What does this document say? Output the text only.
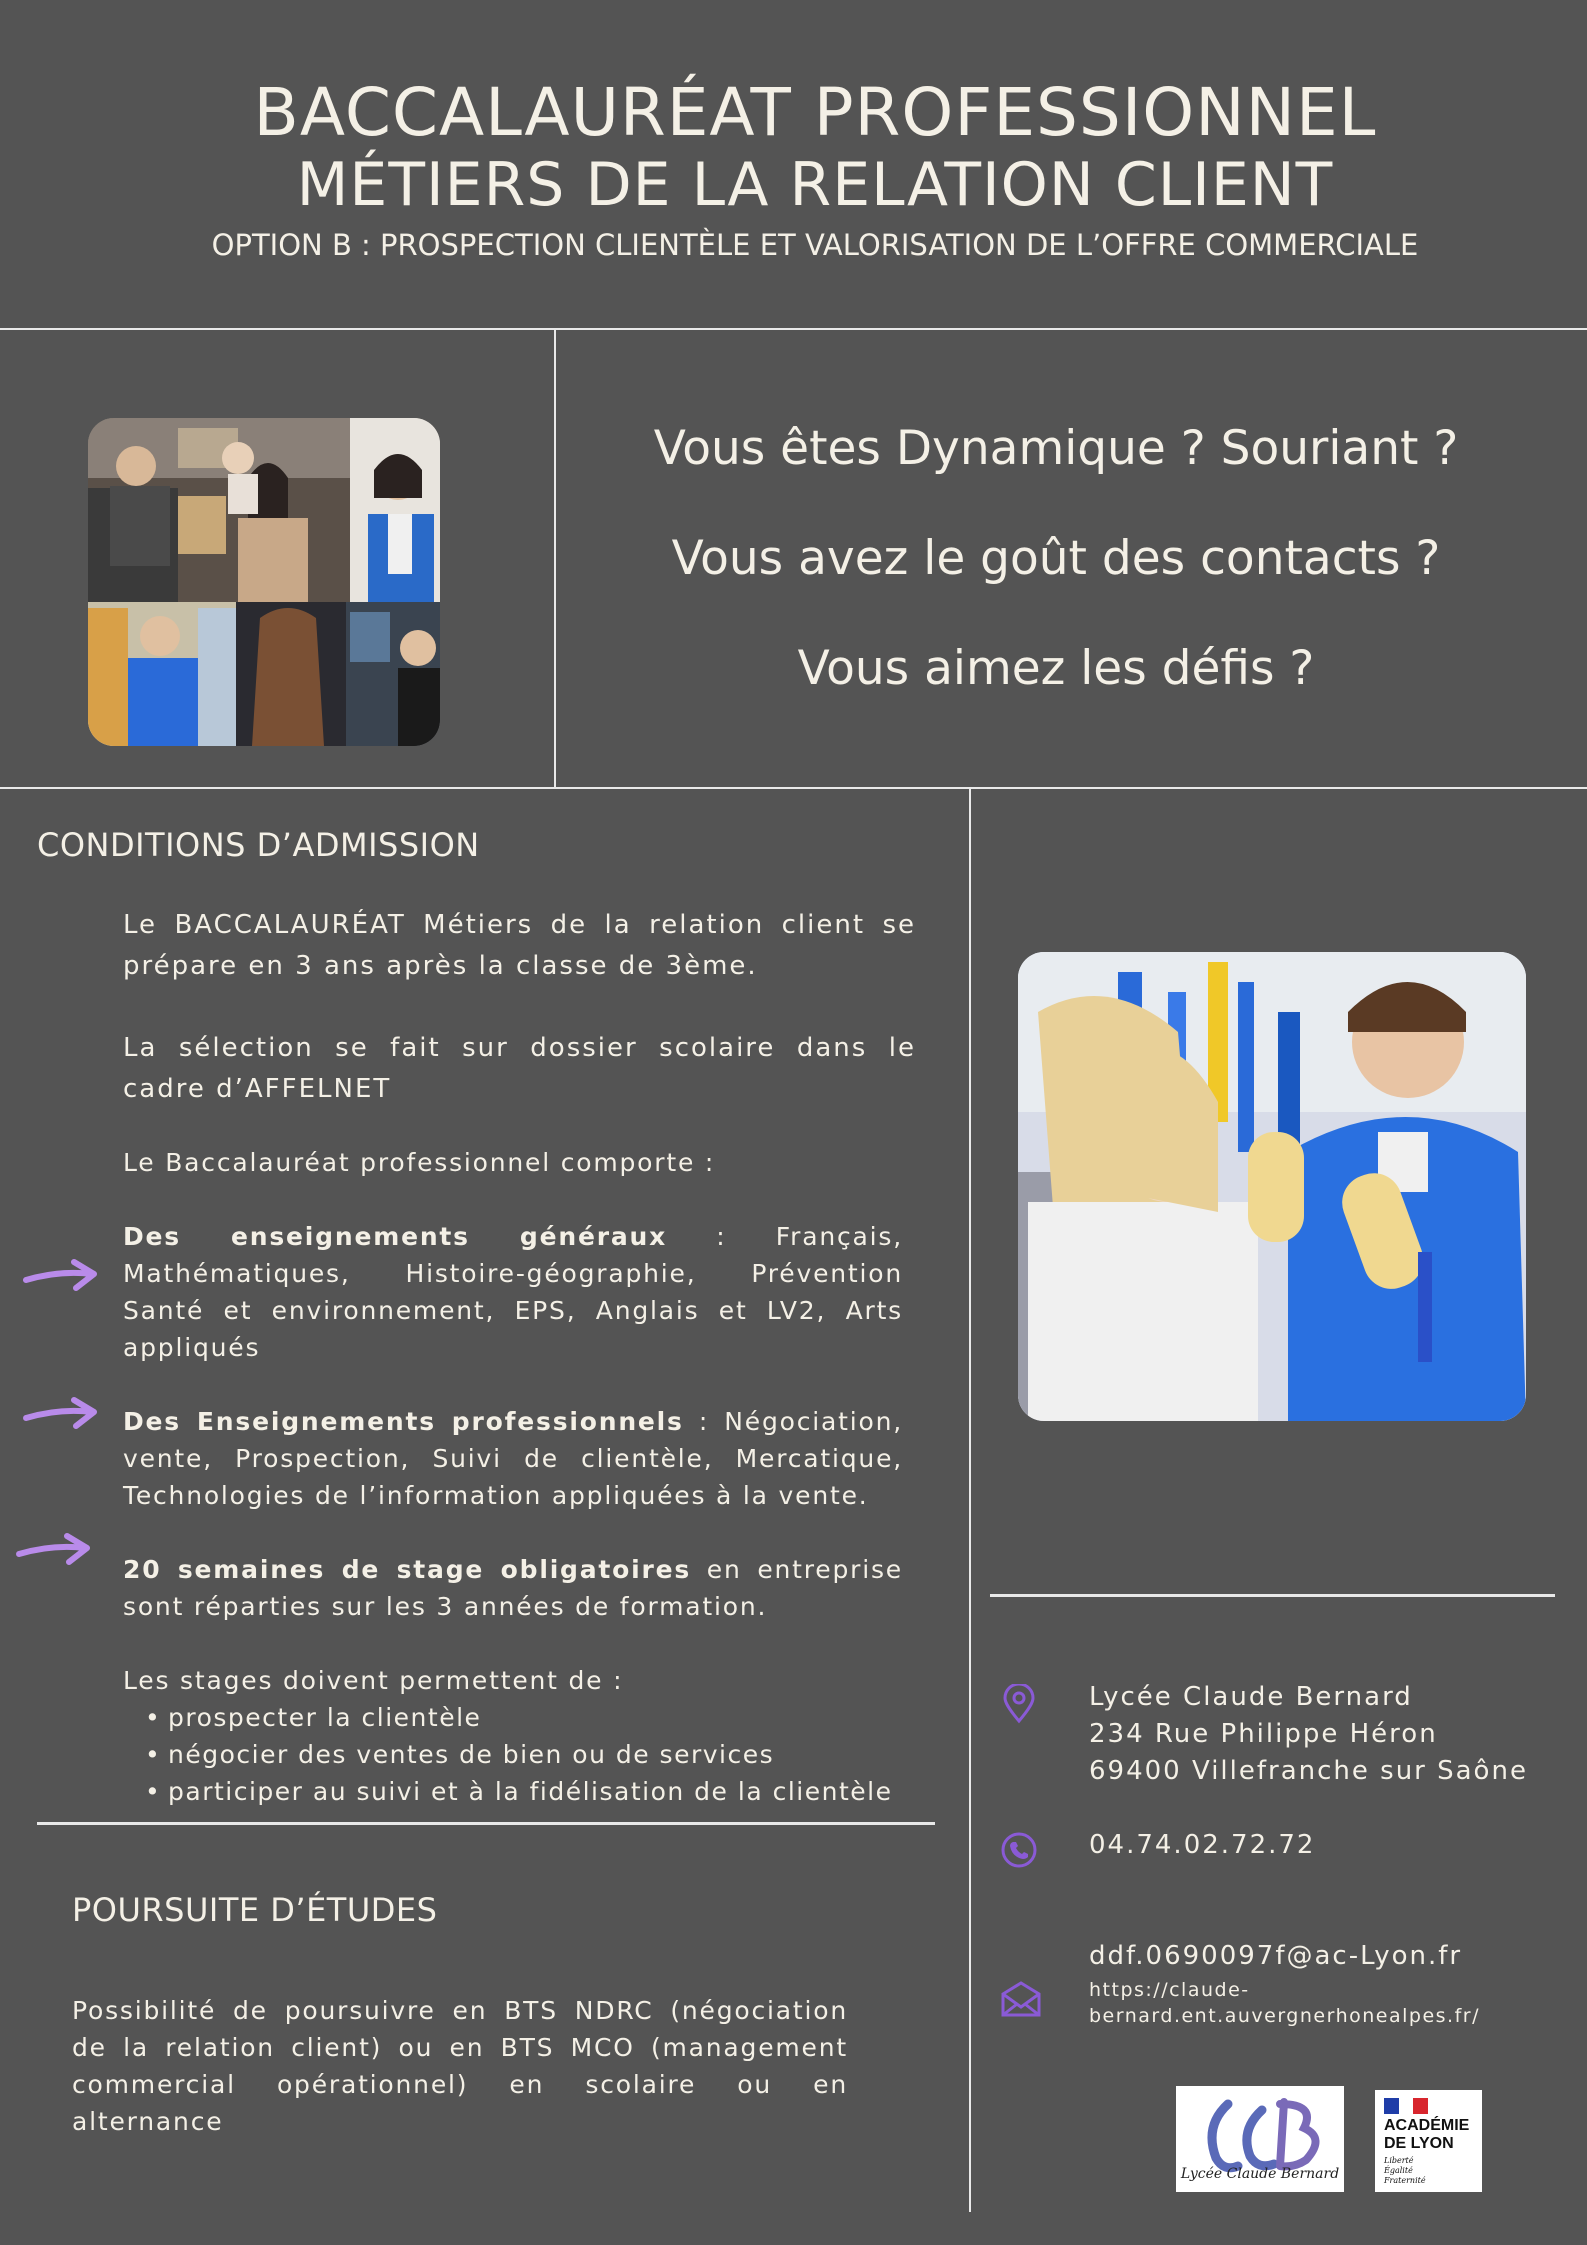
BACCALAURÉAT PROFESSIONNEL
MÉTIERS DE LA RELATION CLIENT
OPTION B : PROSPECTION CLIENTÈLE ET VALORISATION DE L’OFFRE COMMERCIALE
Vous êtes Dynamique ? Souriant ?
Vous avez le goût des contacts ?
Vous aimez les défis ?
CONDITIONS D’ADMISSION
Le BACCALAURÉAT Métiers de la relation client se prépare en 3 ans après la classe de 3ème.
La sélection se fait sur dossier scolaire dans le cadre d’AFFELNET
Le Baccalauréat professionnel comporte :
Des enseignements généraux : Français, Mathématiques, Histoire-géographie, Prévention Santé et environnement, EPS, Anglais et LV2, Arts appliqués
Des Enseignements professionnels : Négociation, vente, Prospection, Suivi de clientèle, Mercatique, Technologies de l’information appliquées à la vente.
20 semaines de stage obligatoires en entreprise sont réparties sur les 3 années de formation.
Les stages doivent permettent de :
• prospecter la clientèle
• négocier des ventes de bien ou de services
• participer au suivi et à la fidélisation de la clientèle
POURSUITE D’ÉTUDES
Possibilité de poursuivre en BTS NDRC (négociation de la relation client) ou en BTS MCO (management commercial opérationnel) en scolaire ou en alternance
Lycée Claude Bernard
234 Rue Philippe Héron
69400 Villefranche sur Saône
04.74.02.72.72
ddf.0690097f@ac-Lyon.fr
https://claude-
bernard.ent.auvergnerhonealpes.fr/
Lycée Claude Bernard
ACADÉMIE
DE LYON
Liberté
Égalité
Fraternité
